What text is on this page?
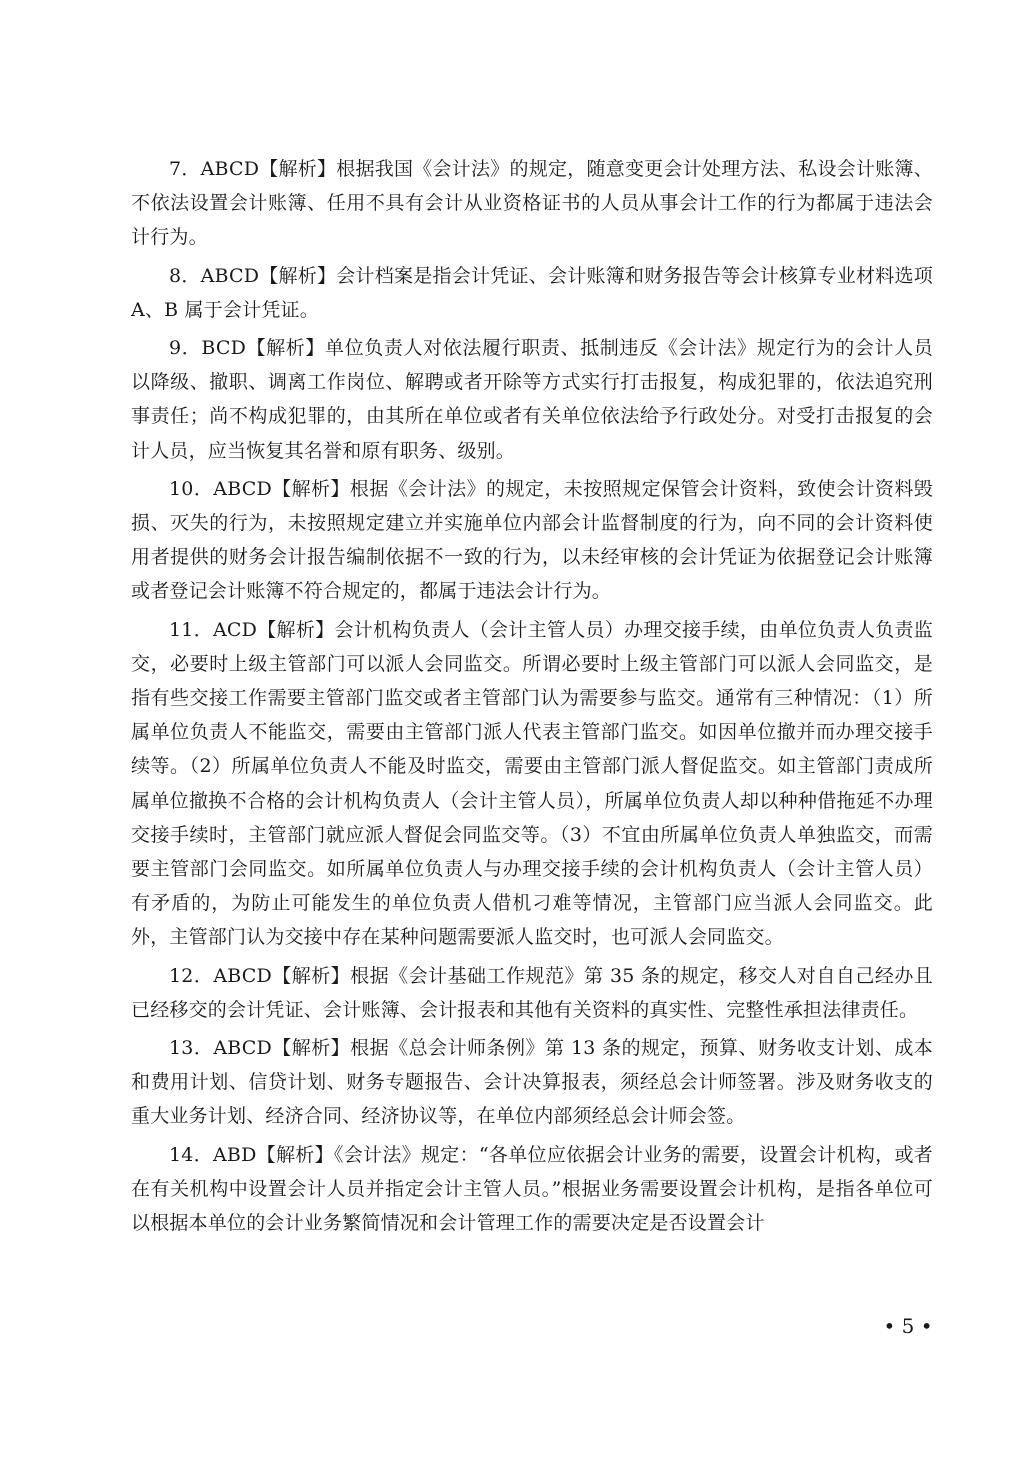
7．ABCD【解析】根据我国《会计法》的规定，随意变更会计处理方法、私设会计账簿、不依法设置会计账簿、任用不具有会计从业资格证书的人员从事会计工作的行为都属于违法会计行为。

8．ABCD【解析】会计档案是指会计凭证、会计账簿和财务报告等会计核算专业材料选项 A、B 属于会计凭证。

9．BCD【解析】单位负责人对依法履行职责、抵制违反《会计法》规定行为的会计人员以降级、撤职、调离工作岗位、解聘或者开除等方式实行打击报复，构成犯罪的，依法追究刑事责任；尚不构成犯罪的，由其所在单位或者有关单位依法给予行政处分。对受打击报复的会计人员，应当恢复其名誉和原有职务、级别。

10．ABCD【解析】根据《会计法》的规定，未按照规定保管会计资料，致使会计资料毁损、灭失的行为，未按照规定建立并实施单位内部会计监督制度的行为，向不同的会计资料使用者提供的财务会计报告编制依据不一致的行为，以未经审核的会计凭证为依据登记会计账簿或者登记会计账簿不符合规定的，都属于违法会计行为。

11．ACD【解析】会计机构负责人（会计主管人员）办理交接手续，由单位负责人负责监交，必要时上级主管部门可以派人会同监交。所谓必要时上级主管部门可以派人会同监交，是指有些交接工作需要主管部门监交或者主管部门认为需要参与监交。通常有三种情况：（1）所属单位负责人不能监交，需要由主管部门派人代表主管部门监交。如因单位撤并而办理交接手续等。（2）所属单位负责人不能及时监交，需要由主管部门派人督促监交。如主管部门责成所属单位撤换不合格的会计机构负责人（会计主管人员），所属单位负责人却以种种借拖延不办理交接手续时，主管部门就应派人督促会同监交等。（3）不宜由所属单位负责人单独监交，而需要主管部门会同监交。如所属单位负责人与办理交接手续的会计机构负责人（会计主管人员）有矛盾的，为防止可能发生的单位负责人借机刁难等情况，主管部门应当派人会同监交。此外，主管部门认为交接中存在某种问题需要派人监交时，也可派人会同监交。

12．ABCD【解析】根据《会计基础工作规范》第 35 条的规定，移交人对自自己经办且已经移交的会计凭证、会计账簿、会计报表和其他有关资料的真实性、完整性承担法律责任。

13．ABCD【解析】根据《总会计师条例》第 13 条的规定，预算、财务收支计划、成本和费用计划、信贷计划、财务专题报告、会计决算报表，须经总会计师签署。涉及财务收支的重大业务计划、经济合同、经济协议等，在单位内部须经总会计师会签。

14．ABD【解析】《会计法》规定：“各单位应依据会计业务的需要，设置会计机构，或者在有关机构中设置会计人员并指定会计主管人员。”根据业务需要设置会计机构，是指各单位可以根据本单位的会计业务繁简情况和会计管理工作的需要决定是否设置会计

• 5 •
